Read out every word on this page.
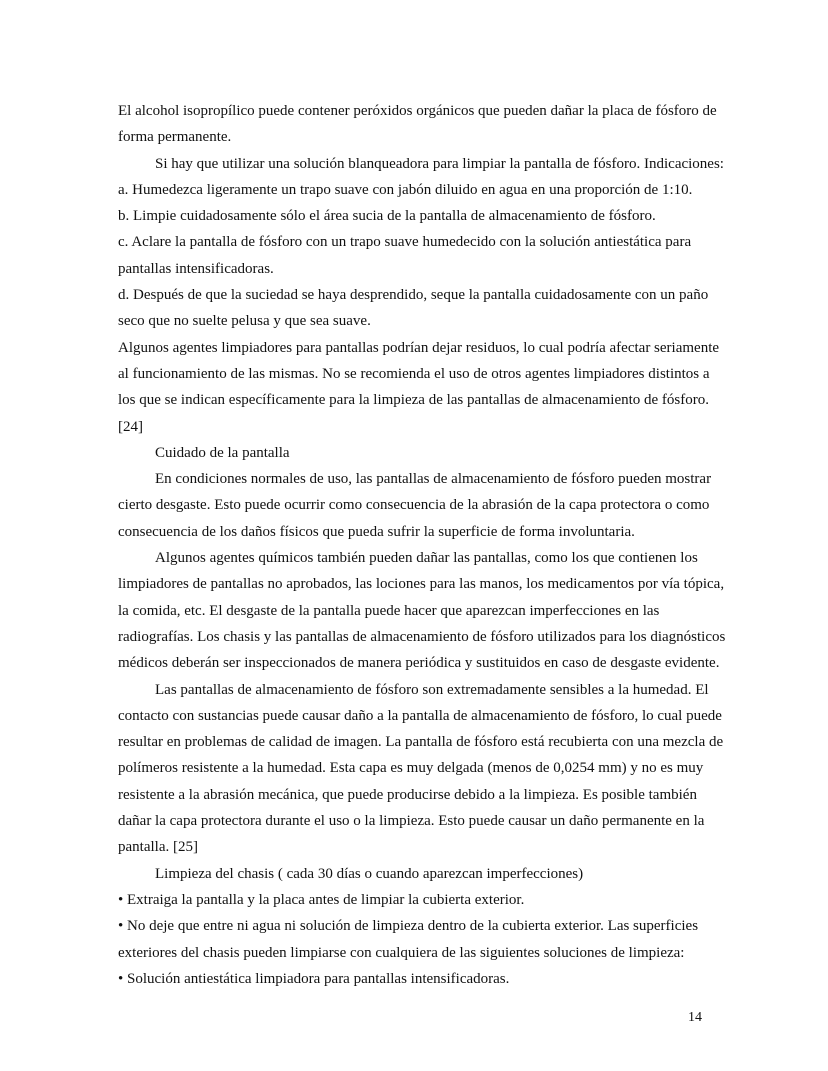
El alcohol isopropílico puede contener peróxidos orgánicos que pueden dañar la placa de fósforo de

forma permanente.

Si hay que utilizar una solución blanqueadora para limpiar la pantalla de fósforo. Indicaciones:

a. Humedezca ligeramente un trapo suave con jabón diluido en agua en una proporción de 1:10.

b. Limpie cuidadosamente sólo el área sucia de la pantalla de almacenamiento de fósforo.

c. Aclare la pantalla de fósforo con un trapo suave humedecido con la solución antiestática para

pantallas intensificadoras.

d. Después de que la suciedad se haya desprendido, seque la pantalla cuidadosamente con un paño

seco que no suelte pelusa y que sea suave.

Algunos agentes limpiadores para pantallas podrían dejar residuos, lo cual podría afectar seriamente

al funcionamiento de las mismas. No se recomienda el uso de otros agentes limpiadores distintos a

los que se indican específicamente para la limpieza de las pantallas de almacenamiento de fósforo.

[24]

Cuidado de la pantalla

En condiciones normales de uso, las pantallas de almacenamiento de fósforo pueden mostrar

cierto desgaste. Esto puede ocurrir como consecuencia de la abrasión de la capa protectora o como

consecuencia de los daños físicos que pueda sufrir la superficie de forma involuntaria.

Algunos agentes químicos también pueden dañar las pantallas, como los que contienen los

limpiadores de pantallas no aprobados, las lociones para las manos, los medicamentos por vía tópica,

la comida, etc. El desgaste de la pantalla puede hacer que aparezcan imperfecciones en las

radiografías. Los chasis y las pantallas de almacenamiento de fósforo utilizados para los diagnósticos

médicos deberán ser inspeccionados de manera periódica y sustituidos en caso de desgaste evidente.

Las pantallas de almacenamiento de fósforo son extremadamente sensibles a la humedad. El

contacto con sustancias puede causar daño a la pantalla de almacenamiento de fósforo, lo cual puede

resultar en problemas de calidad de imagen. La pantalla de fósforo está recubierta con una mezcla de

polímeros resistente a la humedad. Esta capa es muy delgada (menos de 0,0254 mm) y no es muy

resistente a la abrasión mecánica, que puede producirse debido a la limpieza. Es posible también

dañar la capa protectora durante el uso o la limpieza. Esto puede causar un daño permanente en la

pantalla. [25]

Limpieza del chasis ( cada 30 días o cuando aparezcan imperfecciones)

• Extraiga la pantalla y la placa antes de limpiar la cubierta exterior.

• No deje que entre ni agua ni solución de limpieza dentro de la cubierta exterior. Las superficies

exteriores del chasis pueden limpiarse con cualquiera de las siguientes soluciones de limpieza:

• Solución antiestática limpiadora para pantallas intensificadoras.

14
